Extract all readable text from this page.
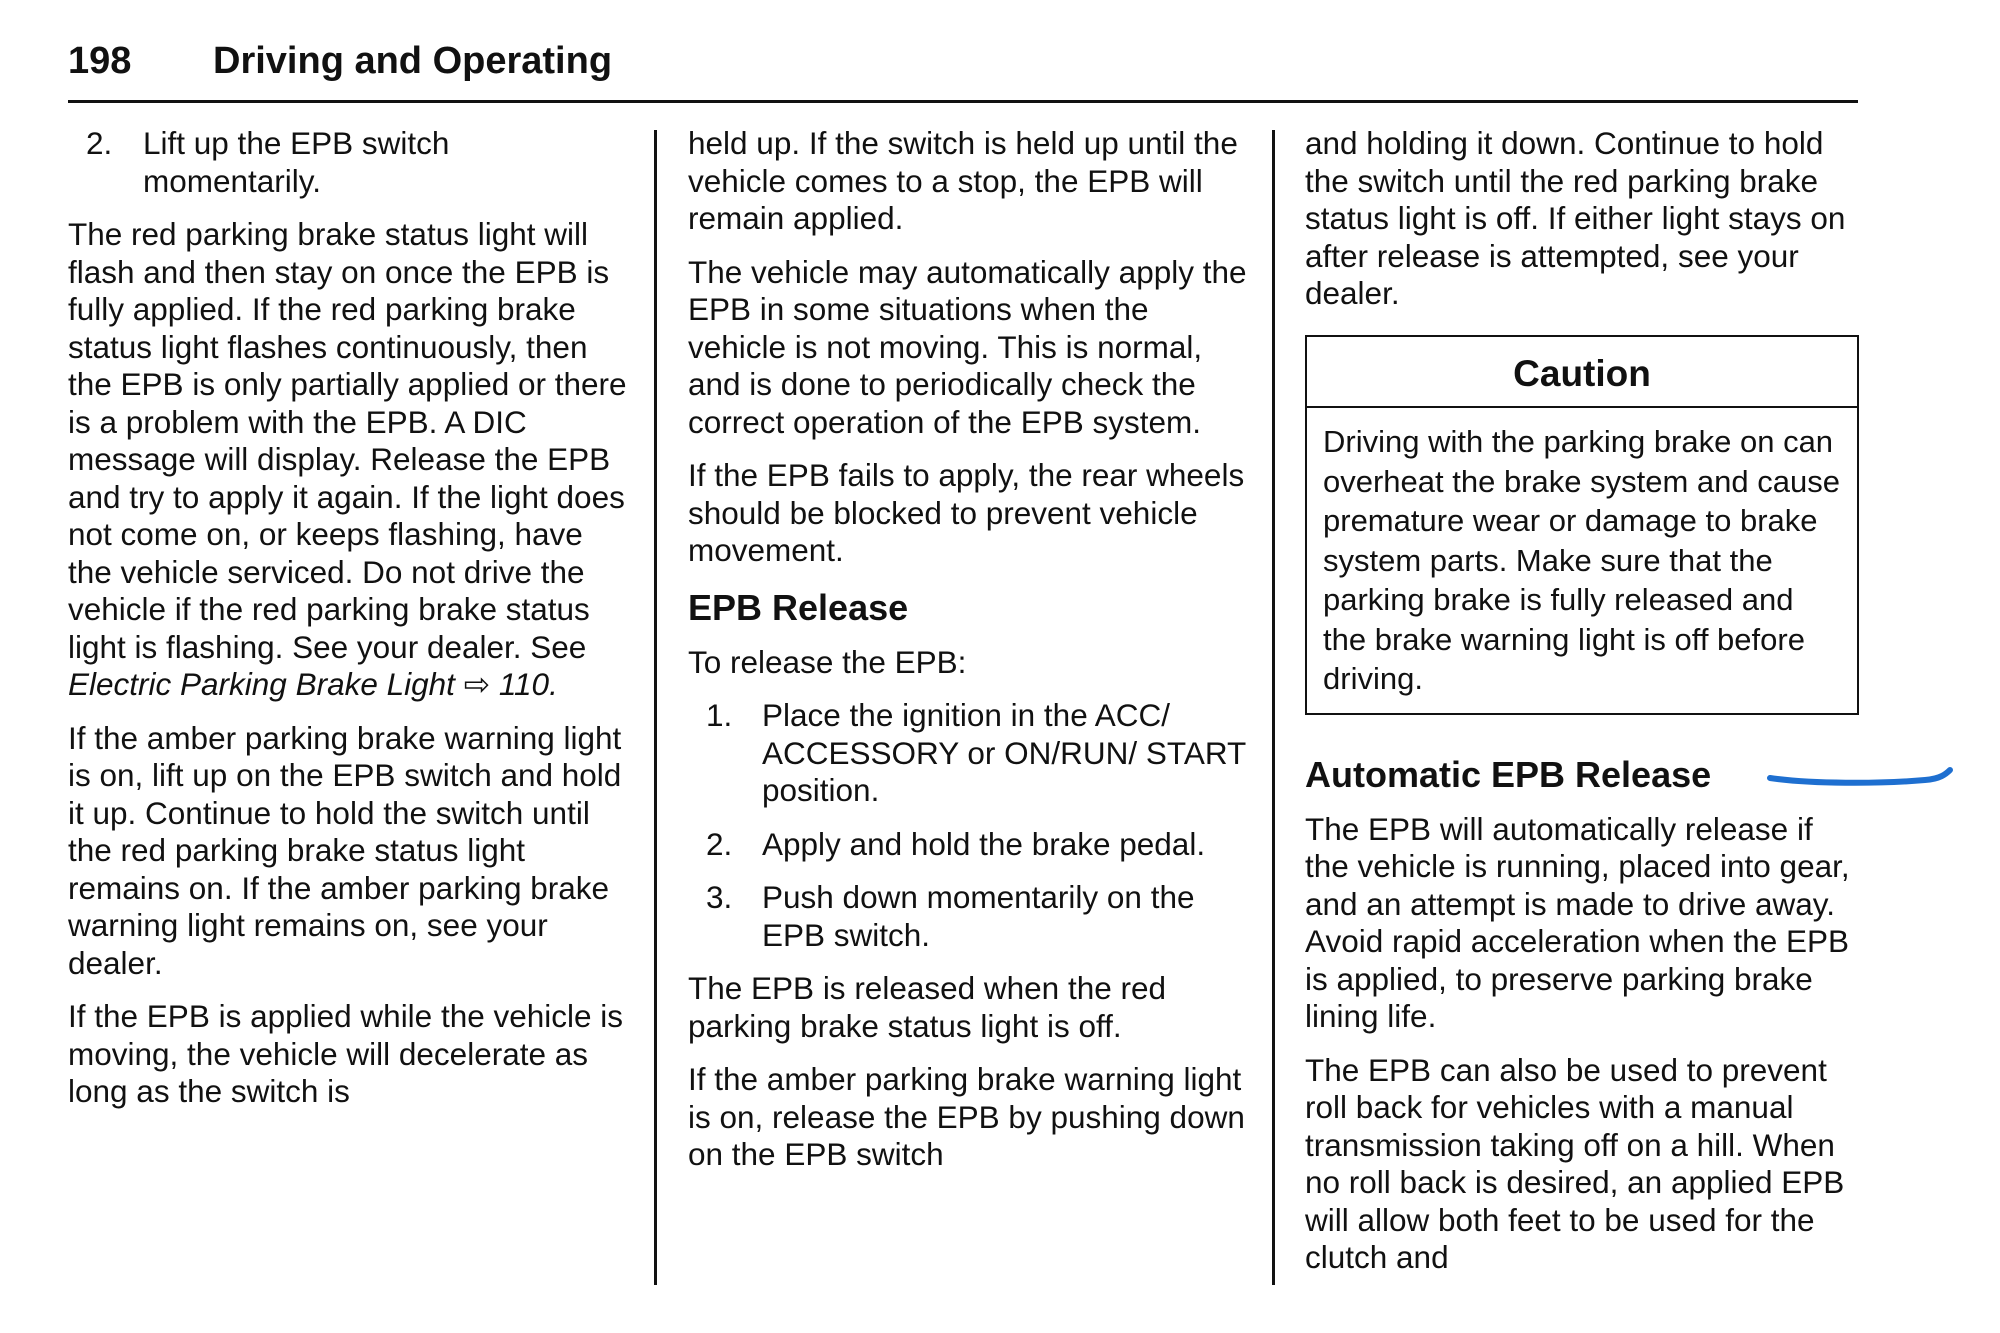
198 Driving and Operating
2. Lift up the EPB switch momentarily.

The red parking brake status light will flash and then stay on once the EPB is fully applied. If the red parking brake status light flashes continuously, then the EPB is only partially applied or there is a problem with the EPB. A DIC message will display. Release the EPB and try to apply it again. If the light does not come on, or keeps flashing, have the vehicle serviced. Do not drive the vehicle if the red parking brake status light is flashing. See your dealer. See Electric Parking Brake Light ⇨ 110.

If the amber parking brake warning light is on, lift up on the EPB switch and hold it up. Continue to hold the switch until the red parking brake status light remains on. If the amber parking brake warning light remains on, see your dealer.

If the EPB is applied while the vehicle is moving, the vehicle will decelerate as long as the switch is

held up. If the switch is held up until the vehicle comes to a stop, the EPB will remain applied.

The vehicle may automatically apply the EPB in some situations when the vehicle is not moving. This is normal, and is done to periodically check the correct operation of the EPB system.

If the EPB fails to apply, the rear wheels should be blocked to prevent vehicle movement.

EPB Release

To release the EPB:

1. Place the ignition in the ACC/ ACCESSORY or ON/RUN/ START position.
2. Apply and hold the brake pedal.
3. Push down momentarily on the EPB switch.

The EPB is released when the red parking brake status light is off.

If the amber parking brake warning light is on, release the EPB by pushing down on the EPB switch

and holding it down. Continue to hold the switch until the red parking brake status light is off. If either light stays on after release is attempted, see your dealer.

Caution
Driving with the parking brake on can overheat the brake system and cause premature wear or damage to brake system parts. Make sure that the parking brake is fully released and the brake warning light is off before driving.
Automatic EPB Release

The EPB will automatically release if the vehicle is running, placed into gear, and an attempt is made to drive away. Avoid rapid acceleration when the EPB is applied, to preserve parking brake lining life.

The EPB can also be used to prevent roll back for vehicles with a manual transmission taking off on a hill. When no roll back is desired, an applied EPB will allow both feet to be used for the clutch and
